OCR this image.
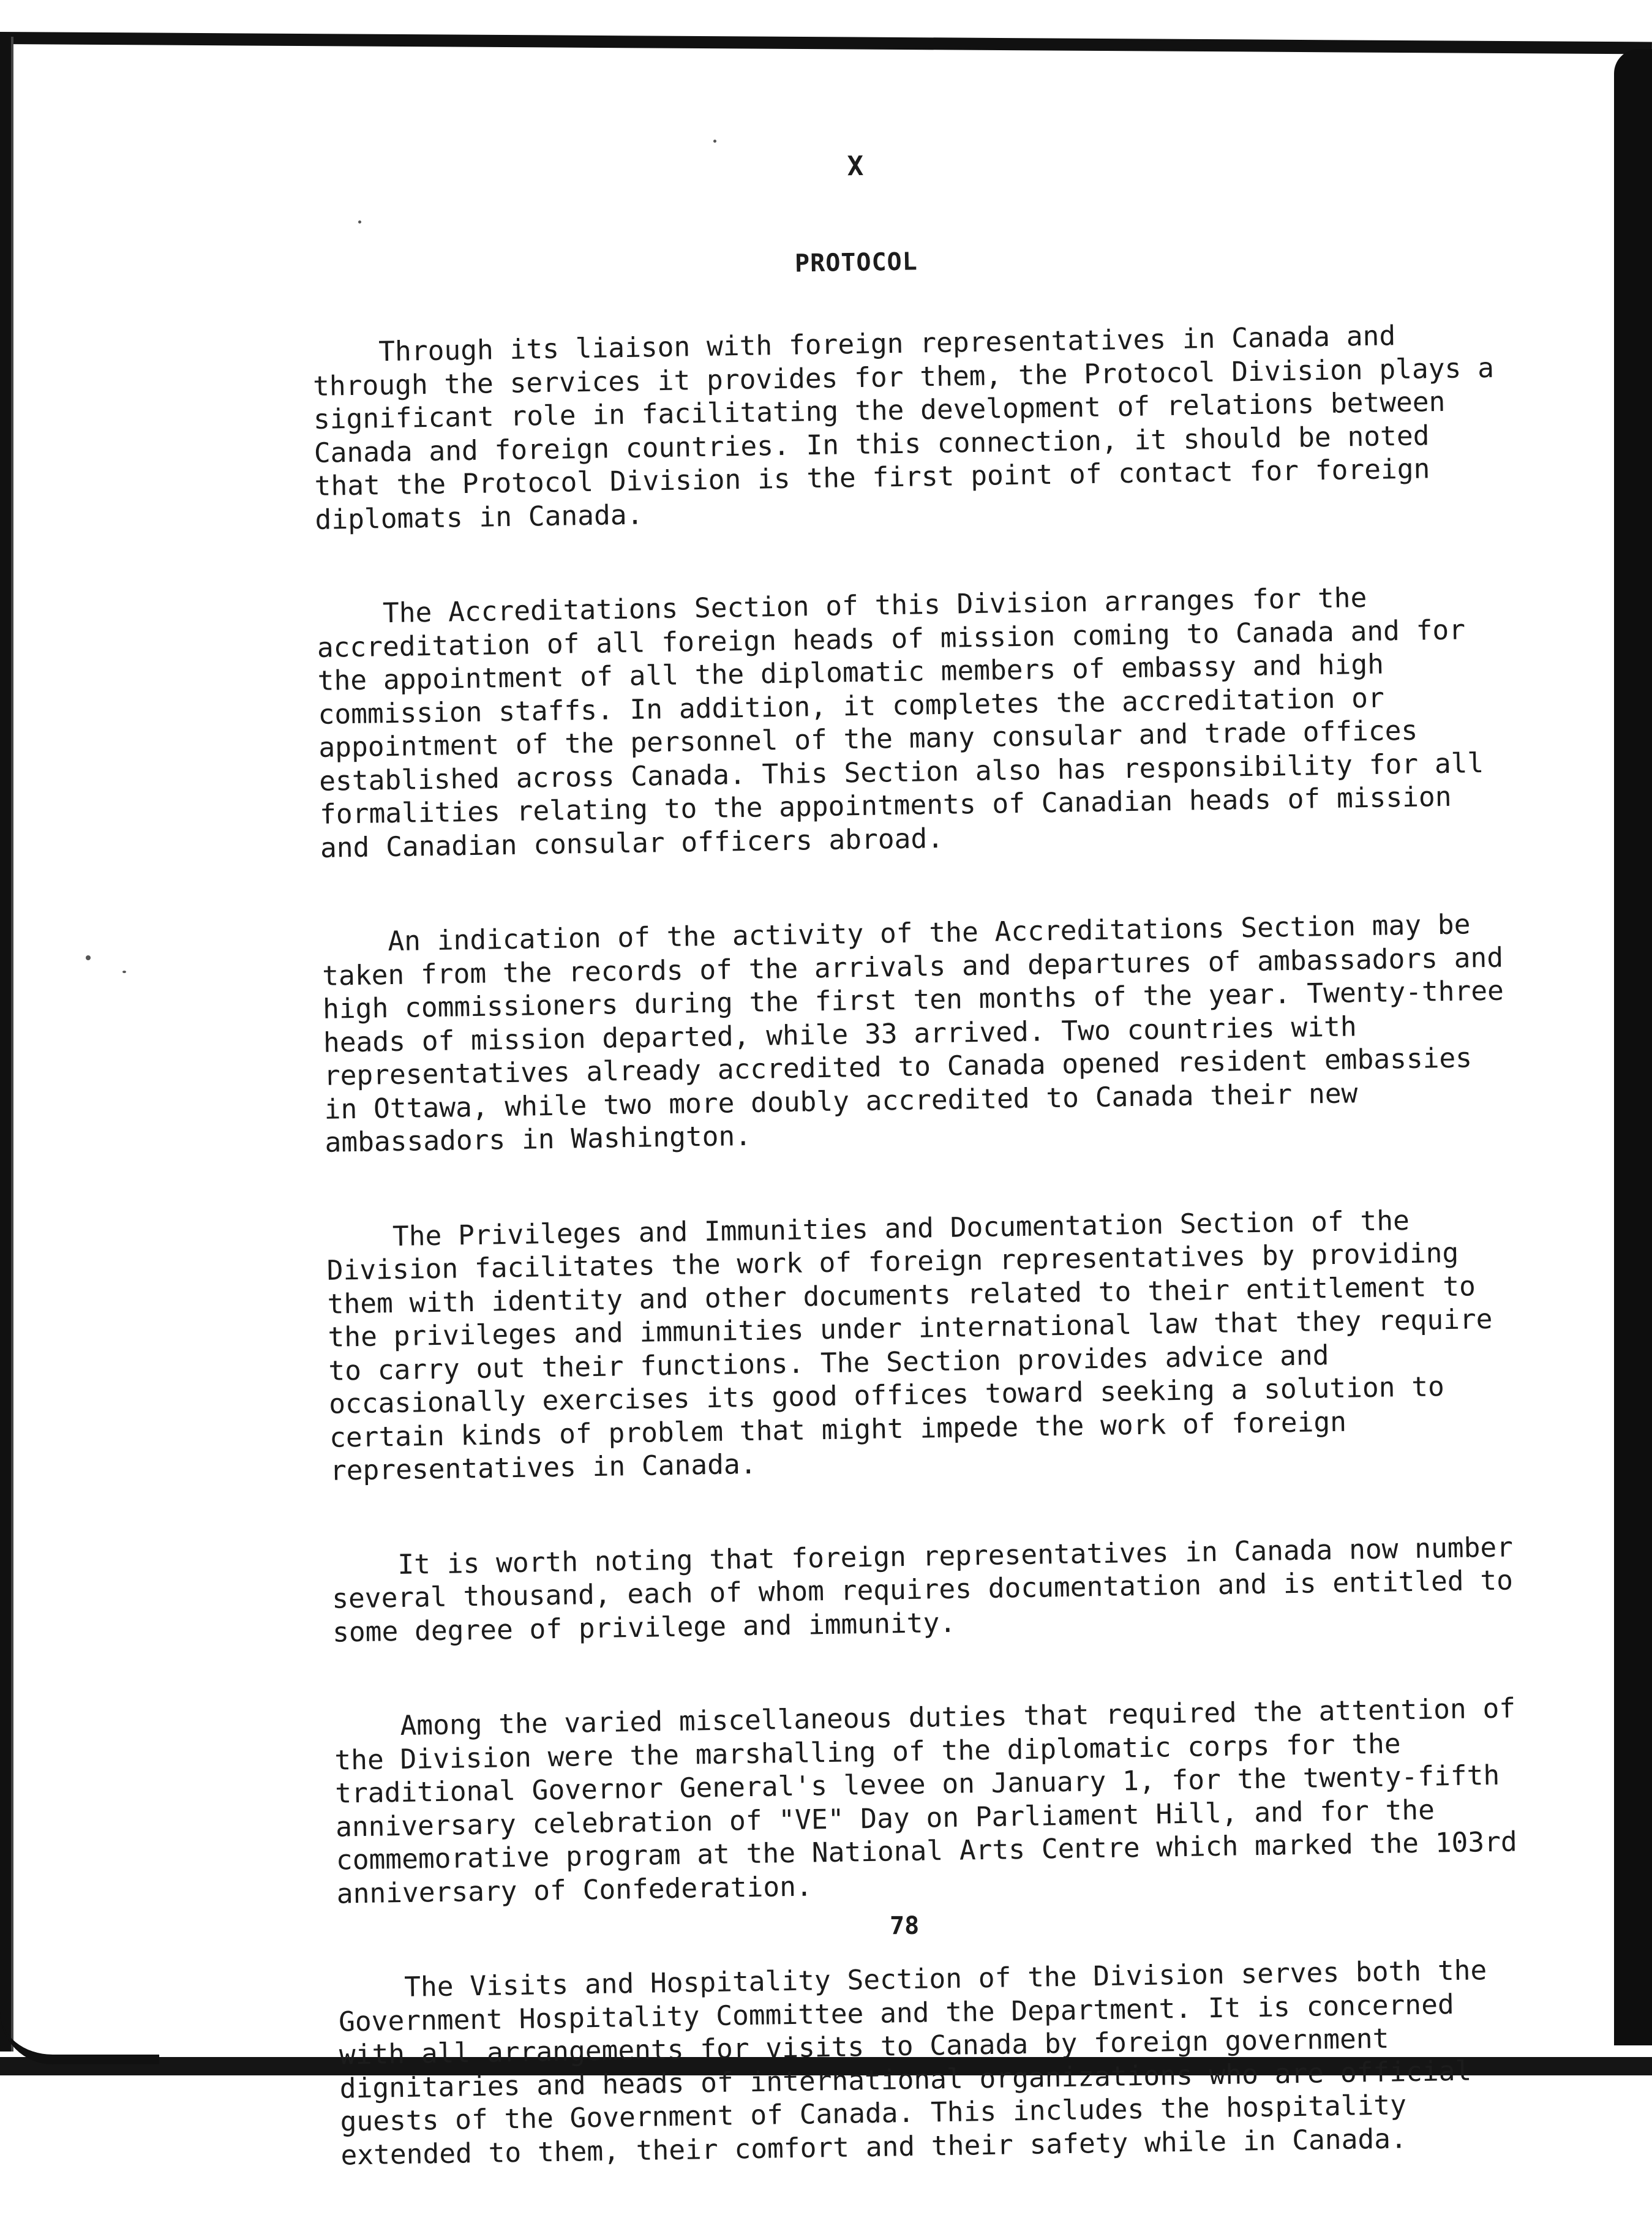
X
PROTOCOL

Through its liaison with foreign representatives in Canada and through the services it provides for them, the Protocol Division plays a significant role in facilitating the development of relations between Canada and foreign countries. In this connection, it should be noted that the Protocol Division is the first point of contact for foreign diplomats in Canada.

The Accreditations Section of this Division arranges for the accreditation of all foreign heads of mission coming to Canada and for the appointment of all the diplomatic members of embassy and high commission staffs. In addition, it completes the accreditation or appointment of the personnel of the many consular and trade offices established across Canada. This Section also has responsibility for all formalities relating to the appointments of Canadian heads of mission and Canadian consular officers abroad.

An indication of the activity of the Accreditations Section may be taken from the records of the arrivals and departures of ambassadors and high commissioners during the first ten months of the year. Twenty-three heads of mission departed, while 33 arrived. Two countries with representatives already accredited to Canada opened resident embassies in Ottawa, while two more doubly accredited to Canada their new ambassadors in Washington.

The Privileges and Immunities and Documentation Section of the Division facilitates the work of foreign representatives by providing them with identity and other documents related to their entitlement to the privileges and immunities under international law that they require to carry out their functions. The Section provides advice and occasionally exercises its good offices toward seeking a solution to certain kinds of problem that might impede the work of foreign representatives in Canada.

It is worth noting that foreign representatives in Canada now number several thousand, each of whom requires documentation and is entitled to some degree of privilege and immunity.

Among the varied miscellaneous duties that required the attention of the Division were the marshalling of the diplomatic corps for the traditional Governor General's levee on January 1, for the twenty-fifth anniversary celebration of "VE" Day on Parliament Hill, and for the commemorative program at the National Arts Centre which marked the 103rd anniversary of Confederation.

The Visits and Hospitality Section of the Division serves both the Government Hospitality Committee and the Department. It is concerned with all arrangements for visits to Canada by foreign government dignitaries and heads of international organizations who are official guests of the Government of Canada. This includes the hospitality extended to them, their comfort and their safety while in Canada.

78
